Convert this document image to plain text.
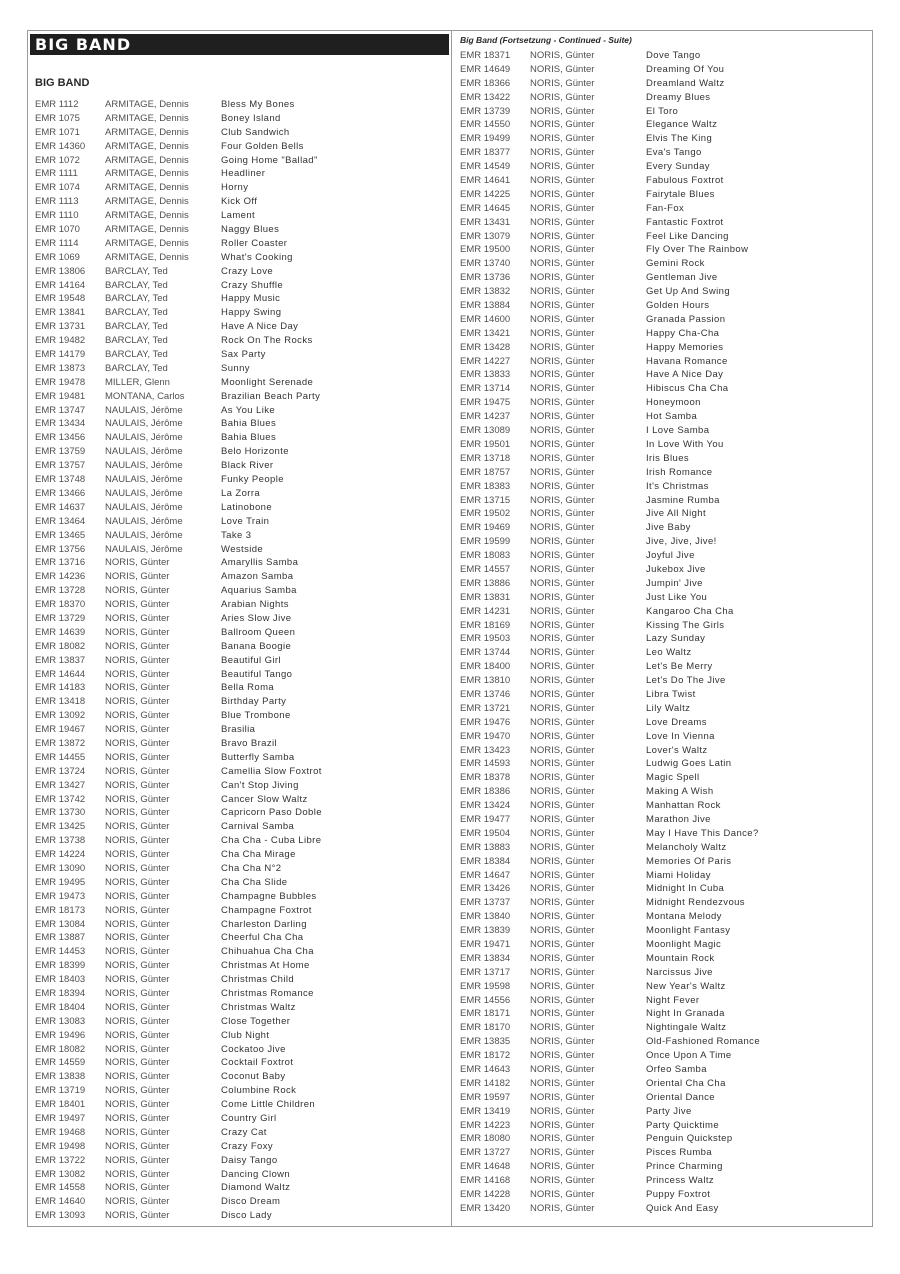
BIG BAND
BIG BAND
Big Band (Fortsetzung - Continued - Suite)
EMR 1112	ARMITAGE, Dennis	Bless My Bones
EMR 1075	ARMITAGE, Dennis	Boney Island
EMR 1071	ARMITAGE, Dennis	Club Sandwich
EMR 14360	ARMITAGE, Dennis	Four Golden Bells
EMR 1072	ARMITAGE, Dennis	Going Home "Ballad"
EMR 1111	ARMITAGE, Dennis	Headliner
EMR 1074	ARMITAGE, Dennis	Horny
EMR 1113	ARMITAGE, Dennis	Kick Off
EMR 1110	ARMITAGE, Dennis	Lament
EMR 1070	ARMITAGE, Dennis	Naggy Blues
EMR 1114	ARMITAGE, Dennis	Roller Coaster
EMR 1069	ARMITAGE, Dennis	What's Cooking
EMR 13806	BARCLAY, Ted	Crazy Love
EMR 14164	BARCLAY, Ted	Crazy Shuffle
EMR 19548	BARCLAY, Ted	Happy Music
EMR 13841	BARCLAY, Ted	Happy Swing
EMR 13731	BARCLAY, Ted	Have A Nice Day
EMR 19482	BARCLAY, Ted	Rock On The Rocks
EMR 14179	BARCLAY, Ted	Sax Party
EMR 13873	BARCLAY, Ted	Sunny
EMR 19478	MILLER, Glenn	Moonlight Serenade
EMR 19481	MONTANA, Carlos	Brazilian Beach Party
EMR 13747	NAULAIS, Jérôme	As You Like
EMR 13434	NAULAIS, Jérôme	Bahia Blues
EMR 13456	NAULAIS, Jérôme	Bahia Blues
EMR 13759	NAULAIS, Jérôme	Belo Horizonte
EMR 13757	NAULAIS, Jérôme	Black River
EMR 13748	NAULAIS, Jérôme	Funky People
EMR 13466	NAULAIS, Jérôme	La Zorra
EMR 14637	NAULAIS, Jérôme	Latinobone
EMR 13464	NAULAIS, Jérôme	Love Train
EMR 13465	NAULAIS, Jérôme	Take 3
EMR 13756	NAULAIS, Jérôme	Westside
EMR 13716	NORIS, Günter	Amaryllis Samba
EMR 14236	NORIS, Günter	Amazon Samba
EMR 13728	NORIS, Günter	Aquarius Samba
EMR 18370	NORIS, Günter	Arabian Nights
EMR 13729	NORIS, Günter	Aries Slow Jive
EMR 14639	NORIS, Günter	Ballroom Queen
EMR 18082	NORIS, Günter	Banana Boogie
EMR 13837	NORIS, Günter	Beautiful Girl
EMR 14644	NORIS, Günter	Beautiful Tango
EMR 14183	NORIS, Günter	Bella Roma
EMR 13418	NORIS, Günter	Birthday Party
EMR 13092	NORIS, Günter	Blue Trombone
EMR 19467	NORIS, Günter	Brasilia
EMR 13872	NORIS, Günter	Bravo Brazil
EMR 14455	NORIS, Günter	Butterfly Samba
EMR 13724	NORIS, Günter	Camellia Slow Foxtrot
EMR 13427	NORIS, Günter	Can't Stop Jiving
EMR 13742	NORIS, Günter	Cancer Slow Waltz
EMR 13730	NORIS, Günter	Capricorn Paso Doble
EMR 13425	NORIS, Günter	Carnival Samba
EMR 13738	NORIS, Günter	Cha Cha - Cuba Libre
EMR 14224	NORIS, Günter	Cha Cha Mirage
EMR 13090	NORIS, Günter	Cha Cha N°2
EMR 19495	NORIS, Günter	Cha Cha Slide
EMR 19473	NORIS, Günter	Champagne Bubbles
EMR 18173	NORIS, Günter	Champagne Foxtrot
EMR 13084	NORIS, Günter	Charleston Darling
EMR 13887	NORIS, Günter	Cheerful Cha Cha
EMR 14453	NORIS, Günter	Chihuahua Cha Cha
EMR 18399	NORIS, Günter	Christmas At Home
EMR 18403	NORIS, Günter	Christmas Child
EMR 18394	NORIS, Günter	Christmas Romance
EMR 18404	NORIS, Günter	Christmas Waltz
EMR 13083	NORIS, Günter	Close Together
EMR 19496	NORIS, Günter	Club Night
EMR 18082	NORIS, Günter	Cockatoo Jive
EMR 14559	NORIS, Günter	Cocktail Foxtrot
EMR 13838	NORIS, Günter	Coconut Baby
EMR 13719	NORIS, Günter	Columbine Rock
EMR 18401	NORIS, Günter	Come Little Children
EMR 19497	NORIS, Günter	Country Girl
EMR 19468	NORIS, Günter	Crazy Cat
EMR 19498	NORIS, Günter	Crazy Foxy
EMR 13722	NORIS, Günter	Daisy Tango
EMR 13082	NORIS, Günter	Dancing Clown
EMR 14558	NORIS, Günter	Diamond Waltz
EMR 14640	NORIS, Günter	Disco Dream
EMR 13093	NORIS, Günter	Disco Lady
EMR 18371	NORIS, Günter	Dove Tango
EMR 14649	NORIS, Günter	Dreaming Of You
EMR 18366	NORIS, Günter	Dreamland Waltz
EMR 13422	NORIS, Günter	Dreamy Blues
EMR 13739	NORIS, Günter	El Toro
EMR 14550	NORIS, Günter	Elegance Waltz
EMR 19499	NORIS, Günter	Elvis The King
EMR 18377	NORIS, Günter	Eva's Tango
EMR 14549	NORIS, Günter	Every Sunday
EMR 14641	NORIS, Günter	Fabulous Foxtrot
EMR 14225	NORIS, Günter	Fairytale Blues
EMR 14645	NORIS, Günter	Fan-Fox
EMR 13431	NORIS, Günter	Fantastic Foxtrot
EMR 13079	NORIS, Günter	Feel Like Dancing
EMR 19500	NORIS, Günter	Fly Over The Rainbow
EMR 13740	NORIS, Günter	Gemini Rock
EMR 13736	NORIS, Günter	Gentleman Jive
EMR 13832	NORIS, Günter	Get Up And Swing
EMR 13884	NORIS, Günter	Golden Hours
EMR 14600	NORIS, Günter	Granada Passion
EMR 13421	NORIS, Günter	Happy Cha-Cha
EMR 13428	NORIS, Günter	Happy Memories
EMR 14227	NORIS, Günter	Havana Romance
EMR 13833	NORIS, Günter	Have A Nice Day
EMR 13714	NORIS, Günter	Hibiscus Cha Cha
EMR 19475	NORIS, Günter	Honeymoon
EMR 14237	NORIS, Günter	Hot Samba
EMR 13089	NORIS, Günter	I Love Samba
EMR 19501	NORIS, Günter	In Love With You
EMR 13718	NORIS, Günter	Iris Blues
EMR 18757	NORIS, Günter	Irish Romance
EMR 18383	NORIS, Günter	It's Christmas
EMR 13715	NORIS, Günter	Jasmine Rumba
EMR 19502	NORIS, Günter	Jive All Night
EMR 19469	NORIS, Günter	Jive Baby
EMR 19599	NORIS, Günter	Jive, Jive, Jive!
EMR 18083	NORIS, Günter	Joyful Jive
EMR 14557	NORIS, Günter	Jukebox Jive
EMR 13886	NORIS, Günter	Jumpin' Jive
EMR 13831	NORIS, Günter	Just Like You
EMR 14231	NORIS, Günter	Kangaroo Cha Cha
EMR 18169	NORIS, Günter	Kissing The Girls
EMR 19503	NORIS, Günter	Lazy Sunday
EMR 13744	NORIS, Günter	Leo Waltz
EMR 18400	NORIS, Günter	Let's Be Merry
EMR 13810	NORIS, Günter	Let's Do The Jive
EMR 13746	NORIS, Günter	Libra Twist
EMR 13721	NORIS, Günter	Lily Waltz
EMR 19476	NORIS, Günter	Love Dreams
EMR 19470	NORIS, Günter	Love In Vienna
EMR 13423	NORIS, Günter	Lover's Waltz
EMR 14593	NORIS, Günter	Ludwig Goes Latin
EMR 18378	NORIS, Günter	Magic Spell
EMR 18386	NORIS, Günter	Making A Wish
EMR 13424	NORIS, Günter	Manhattan Rock
EMR 19477	NORIS, Günter	Marathon Jive
EMR 19504	NORIS, Günter	May I Have This Dance?
EMR 13883	NORIS, Günter	Melancholy Waltz
EMR 18384	NORIS, Günter	Memories Of Paris
EMR 14647	NORIS, Günter	Miami Holiday
EMR 13426	NORIS, Günter	Midnight In Cuba
EMR 13737	NORIS, Günter	Midnight Rendezvous
EMR 13840	NORIS, Günter	Montana Melody
EMR 13839	NORIS, Günter	Moonlight Fantasy
EMR 19471	NORIS, Günter	Moonlight Magic
EMR 13834	NORIS, Günter	Mountain Rock
EMR 13717	NORIS, Günter	Narcissus Jive
EMR 19598	NORIS, Günter	New Year's Waltz
EMR 14556	NORIS, Günter	Night Fever
EMR 18171	NORIS, Günter	Night In Granada
EMR 18170	NORIS, Günter	Nightingale Waltz
EMR 13835	NORIS, Günter	Old-Fashioned Romance
EMR 18172	NORIS, Günter	Once Upon A Time
EMR 14643	NORIS, Günter	Orfeo Samba
EMR 14182	NORIS, Günter	Oriental Cha Cha
EMR 19597	NORIS, Günter	Oriental Dance
EMR 13419	NORIS, Günter	Party Jive
EMR 14223	NORIS, Günter	Party Quicktime
EMR 18080	NORIS, Günter	Penguin Quickstep
EMR 13727	NORIS, Günter	Pisces Rumba
EMR 14648	NORIS, Günter	Prince Charming
EMR 14168	NORIS, Günter	Princess Waltz
EMR 14228	NORIS, Günter	Puppy Foxtrot
EMR 13420	NORIS, Günter	Quick And Easy
